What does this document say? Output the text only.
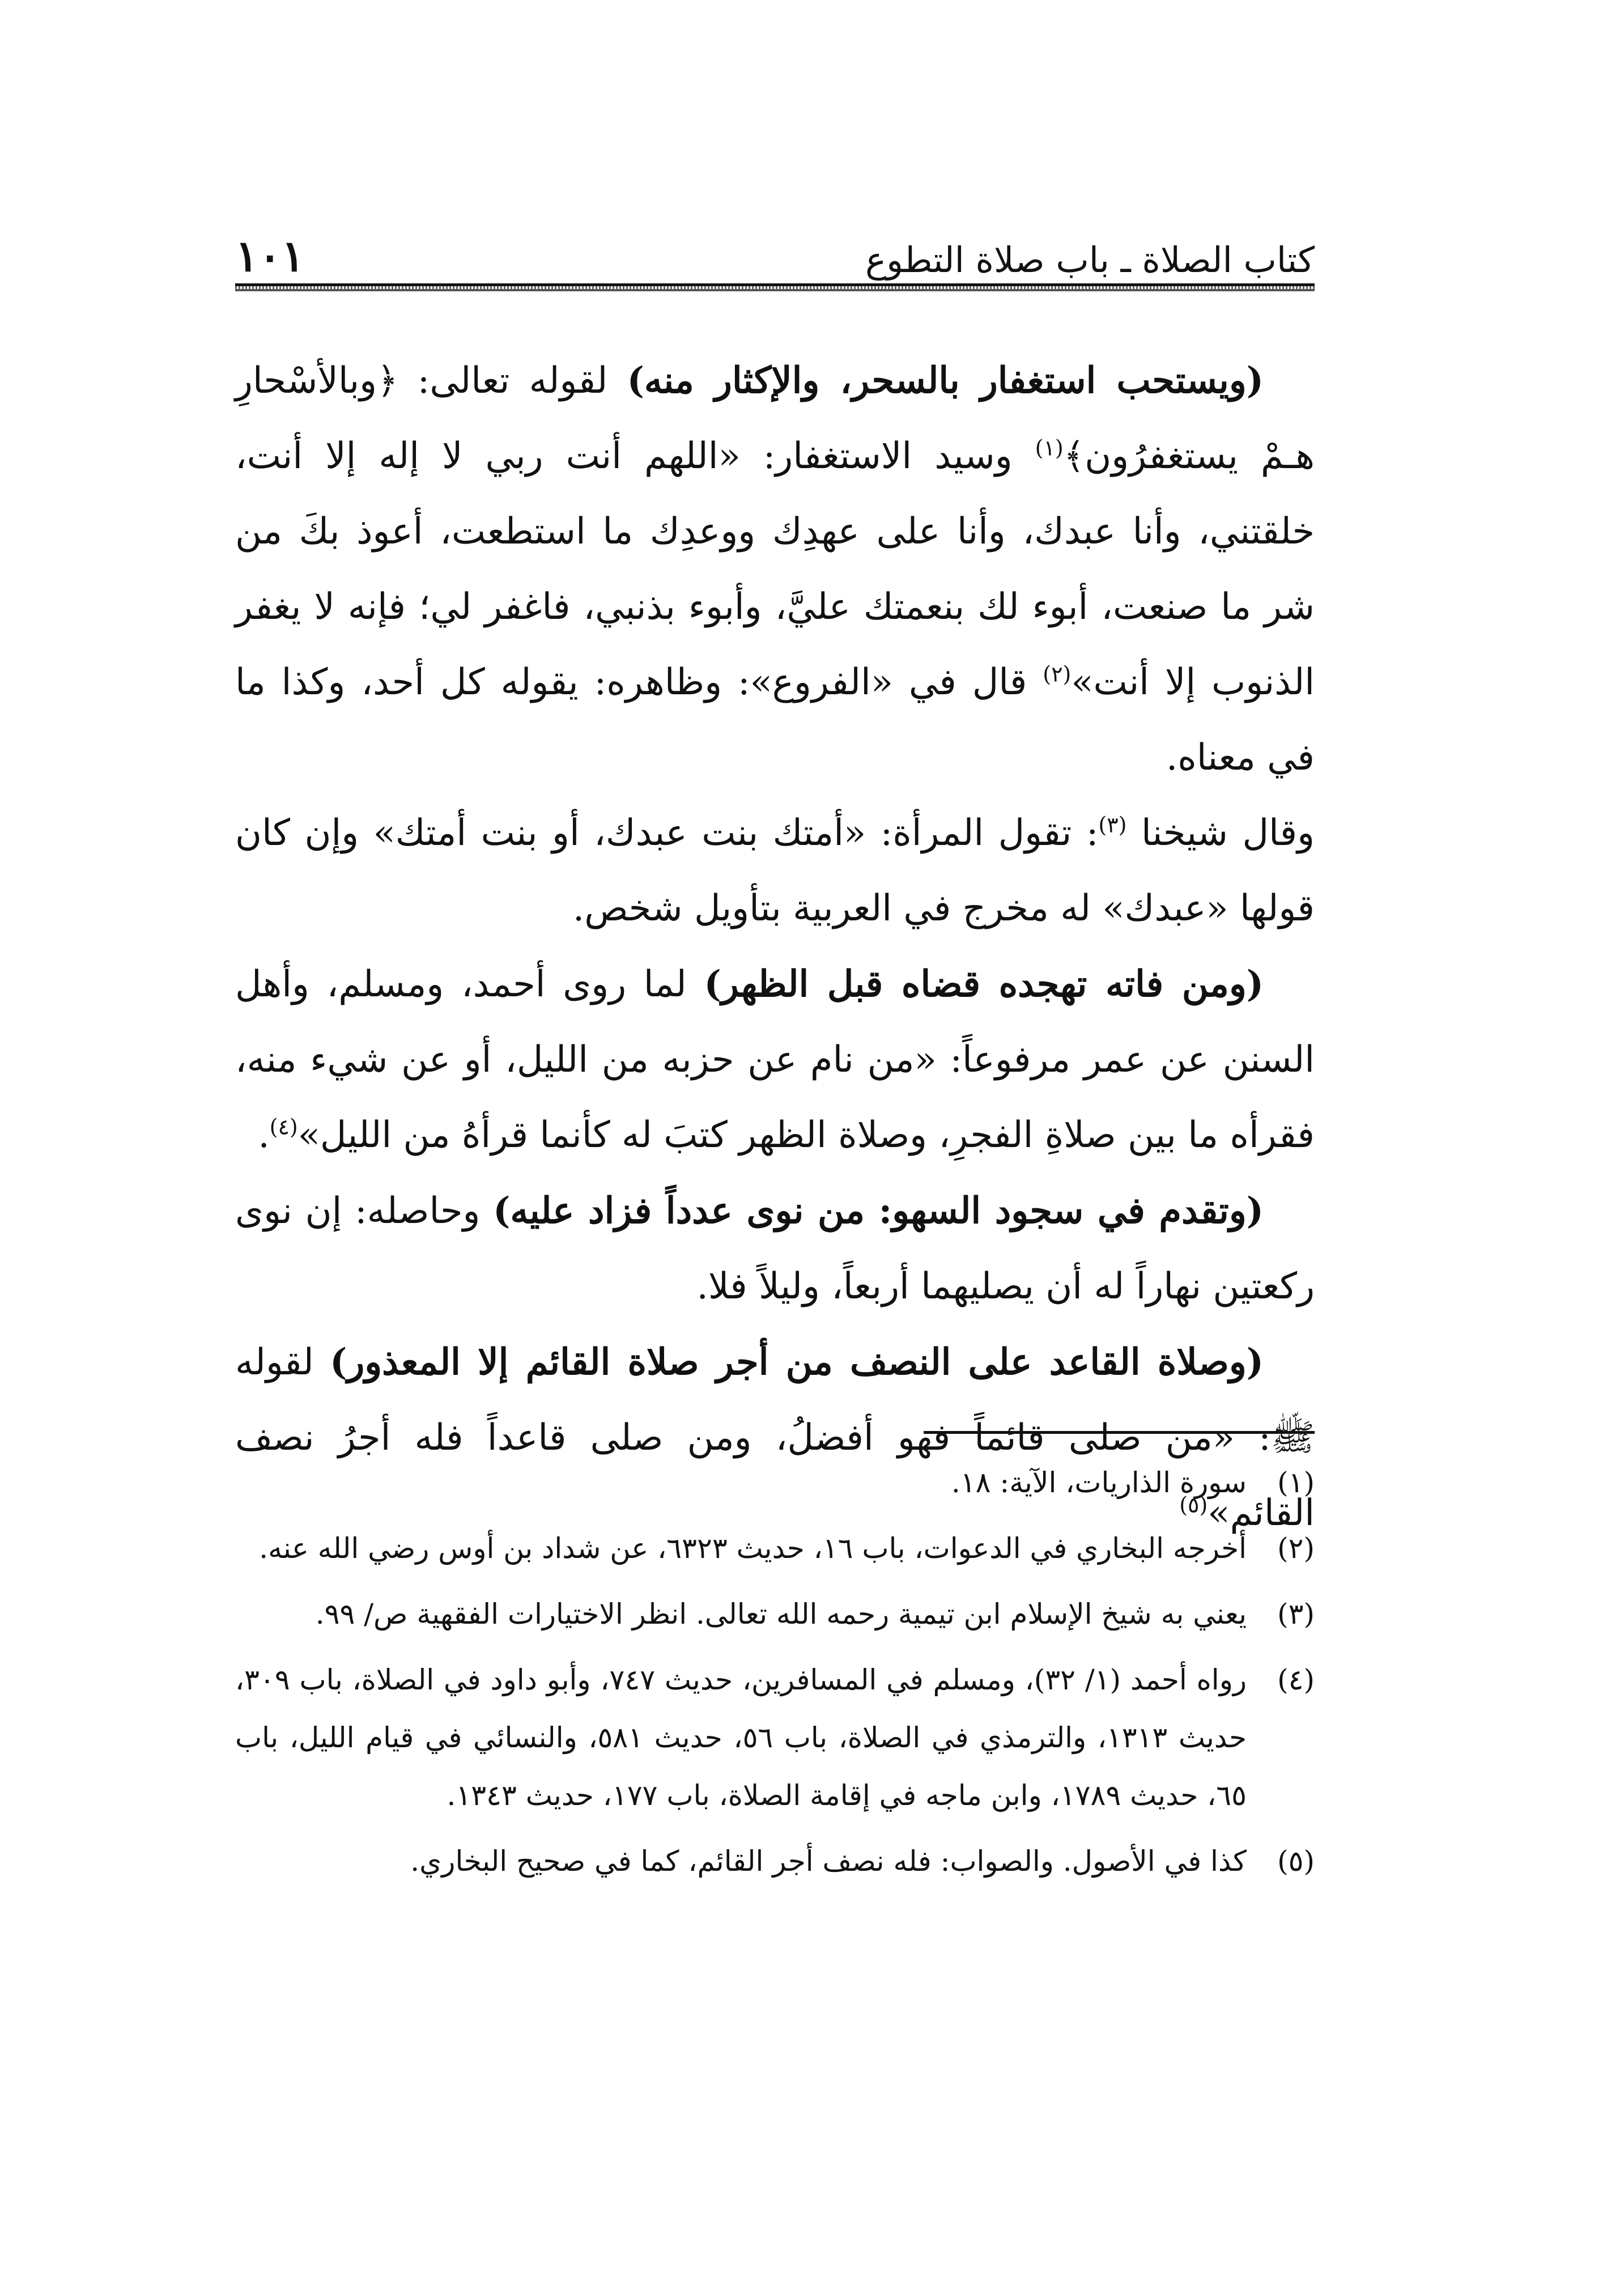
كتاب الصلاة ـ باب صلاة التطوع
١٠١

(ويستحب استغفار بالسحر، والإكثار منه) لقوله تعالى: ﴿وبالأسْحارِ هـمْ يستغفرُون﴾$^{(١)}$ وسيد الاستغفار: «اللهم أنت ربي لا إله إلا أنت، خلقتني، وأنا عبدك، وأنا على عهدِك ووعدِك ما استطعت، أعوذ بكَ من شر ما صنعت، أبوء لك بنعمتك عليَّ، وأبوء بذنبي، فاغفر لي؛ فإنه لا يغفر الذنوب إلا أنت»$^{(٢)}$ قال في «الفروع»: وظاهره: يقوله كل أحد، وكذا ما في معناه.

وقال شيخنا $^{(٣)}$: تقول المرأة: «أمتك بنت عبدك، أو بنت أمتك» وإن كان قولها «عبدك» له مخرج في العربية بتأويل شخص.

(ومن فاته تهجده قضاه قبل الظهر) لما روى أحمد، ومسلم، وأهل السنن عن عمر مرفوعاً: «من نام عن حزبه من الليل، أو عن شيء منه، فقرأه ما بين صلاةِ الفجرِ، وصلاة الظهر كتبَ له كأنما قرأهُ من الليل»$^{(٤)}$.

(وتقدم في سجود السهو: من نوى عدداً فزاد عليه) وحاصله: إن نوى ركعتين نهاراً له أن يصليهما أربعاً، وليلاً فلا.

(وصلاة القاعد على النصف من أجر صلاة القائم إلا المعذور) لقوله ﷺ: «من صلى قائماً فهو أفضلُ، ومن صلى قاعداً فله أجرُ نصف القائم»$^{(٥)}$

(١)
سورة الذاريات، الآية: ١٨.
(٢)
أخرجه البخاري في الدعوات، باب ١٦، حديث ٦٣٢٣، عن شداد بن أوس رضي الله عنه.
(٣)
يعني به شيخ الإسلام ابن تيمية رحمه الله تعالى. انظر الاختيارات الفقهية ص/ ٩٩.
(٤)
رواه أحمد (١/ ٣٢)، ومسلم في المسافرين، حديث ٧٤٧، وأبو داود في الصلاة، باب ٣٠٩، حديث ١٣١٣، والترمذي في الصلاة، باب ٥٦، حديث ٥٨١، والنسائي في قيام الليل، باب ٦٥، حديث ١٧٨٩، وابن ماجه في إقامة الصلاة، باب ١٧٧، حديث ١٣٤٣.
(٥)
كذا في الأصول. والصواب: فله نصف أجر القائم، كما في صحيح البخاري.
